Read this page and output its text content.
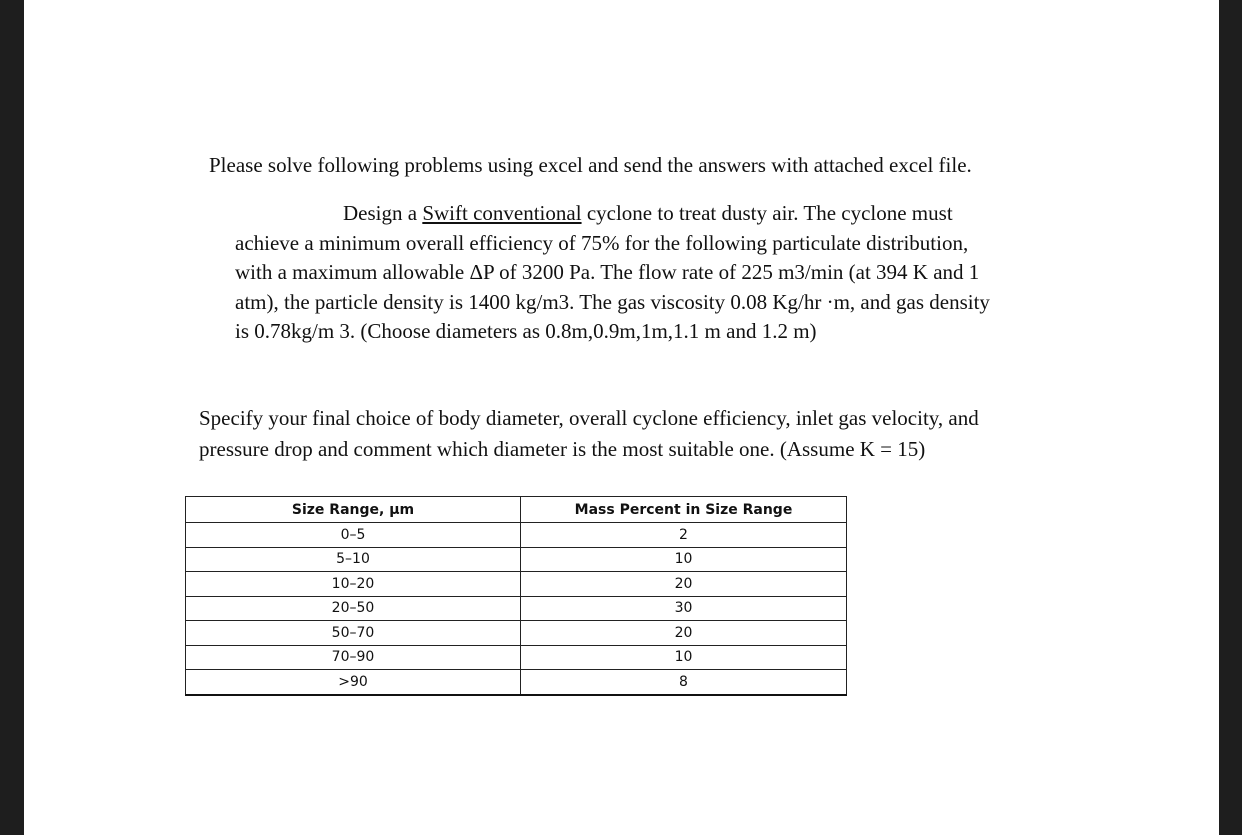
Please solve following problems using excel and send the answers with attached excel file.
Design a Swift conventional cyclone to treat dusty air. The cyclone must
achieve a minimum overall efficiency of 75% for the following particulate distribution,
with a maximum allowable ΔP of 3200 Pa. The flow rate of 225 m3/min (at 394 K and 1
atm), the particle density is 1400 kg/m3. The gas viscosity 0.08 Kg/hr ·m, and gas density
is 0.78kg/m 3. (Choose diameters as 0.8m,0.9m,1m,1.1 m and 1.2 m)
Specify your final choice of body diameter, overall cyclone efficiency, inlet gas velocity, and
pressure drop and comment which diameter is the most suitable one. (Assume K = 15)
Size Range, µm	Mass Percent in Size Range
0–5	2
5–10	10
10–20	20
20–50	30
50–70	20
70–90	10
>90	8
